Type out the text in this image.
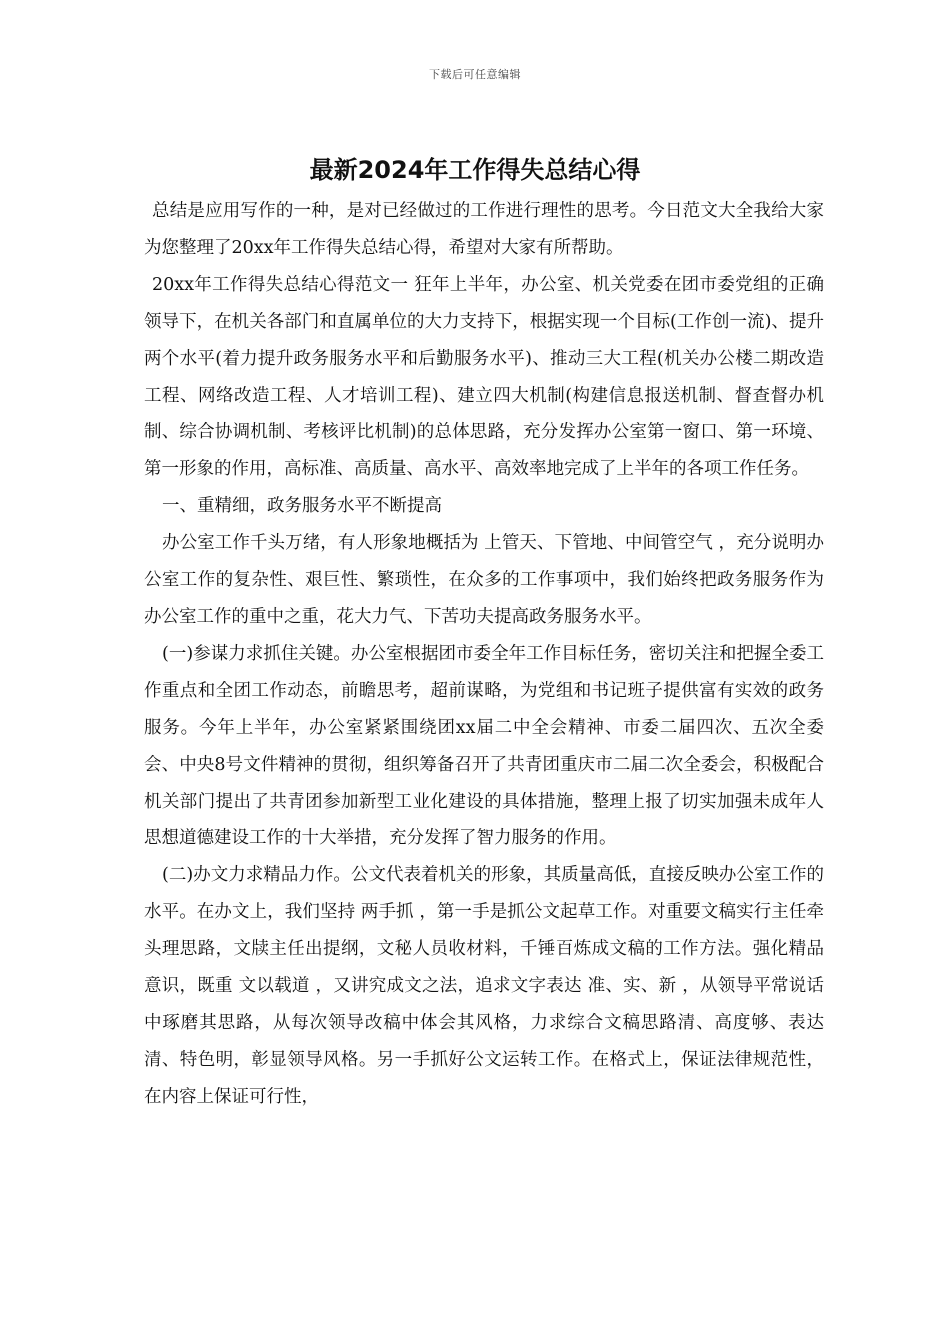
下载后可任意编辑
最新2024年工作得失总结心得

总结是应用写作的一种，是对已经做过的工作进行理性的思考。今日范文大全我给大家为您整理了20xx年工作得失总结心得，希望对大家有所帮助。

20xx年工作得失总结心得范文一 狂年上半年，办公室、机关党委在团市委党组的正确领导下，在机关各部门和直属单位的大力支持下，根据实现一个目标(工作创一流)、提升两个水平(着力提升政务服务水平和后勤服务水平)、推动三大工程(机关办公楼二期改造工程、网络改造工程、人才培训工程)、建立四大机制(构建信息报送机制、督查督办机制、综合协调机制、考核评比机制)的总体思路，充分发挥办公室第一窗口、第一环境、第一形象的作用，高标准、高质量、高水平、高效率地完成了上半年的各项工作任务。

一、重精细，政务服务水平不断提高

办公室工作千头万绪，有人形象地概括为 上管天、下管地、中间管空气 ，充分说明办公室工作的复杂性、艰巨性、繁琐性，在众多的工作事项中，我们始终把政务服务作为办公室工作的重中之重，花大力气、下苦功夫提高政务服务水平。

(一)参谋力求抓住关键。办公室根据团市委全年工作目标任务，密切关注和把握全委工作重点和全团工作动态，前瞻思考，超前谋略，为党组和书记班子提供富有实效的政务服务。今年上半年，办公室紧紧围绕团xx届二中全会精神、市委二届四次、五次全委会、中央8号文件精神的贯彻，组织筹备召开了共青团重庆市二届二次全委会，积极配合机关部门提出了共青团参加新型工业化建设的具体措施，整理上报了切实加强未成年人思想道德建设工作的十大举措，充分发挥了智力服务的作用。

(二)办文力求精品力作。公文代表着机关的形象，其质量高低，直接反映办公室工作的水平。在办文上，我们坚持 两手抓 ，第一手是抓公文起草工作。对重要文稿实行主任牵头理思路，文牍主任出提纲，文秘人员收材料，千锤百炼成文稿的工作方法。强化精品意识，既重 文以载道 ，又讲究成文之法，追求文字表达 准、实、新 ，从领导平常说话中琢磨其思路，从每次领导改稿中体会其风格，力求综合文稿思路清、高度够、表达清、特色明，彰显领导风格。另一手抓好公文运转工作。在格式上，保证法律规范性，在内容上保证可行性，
